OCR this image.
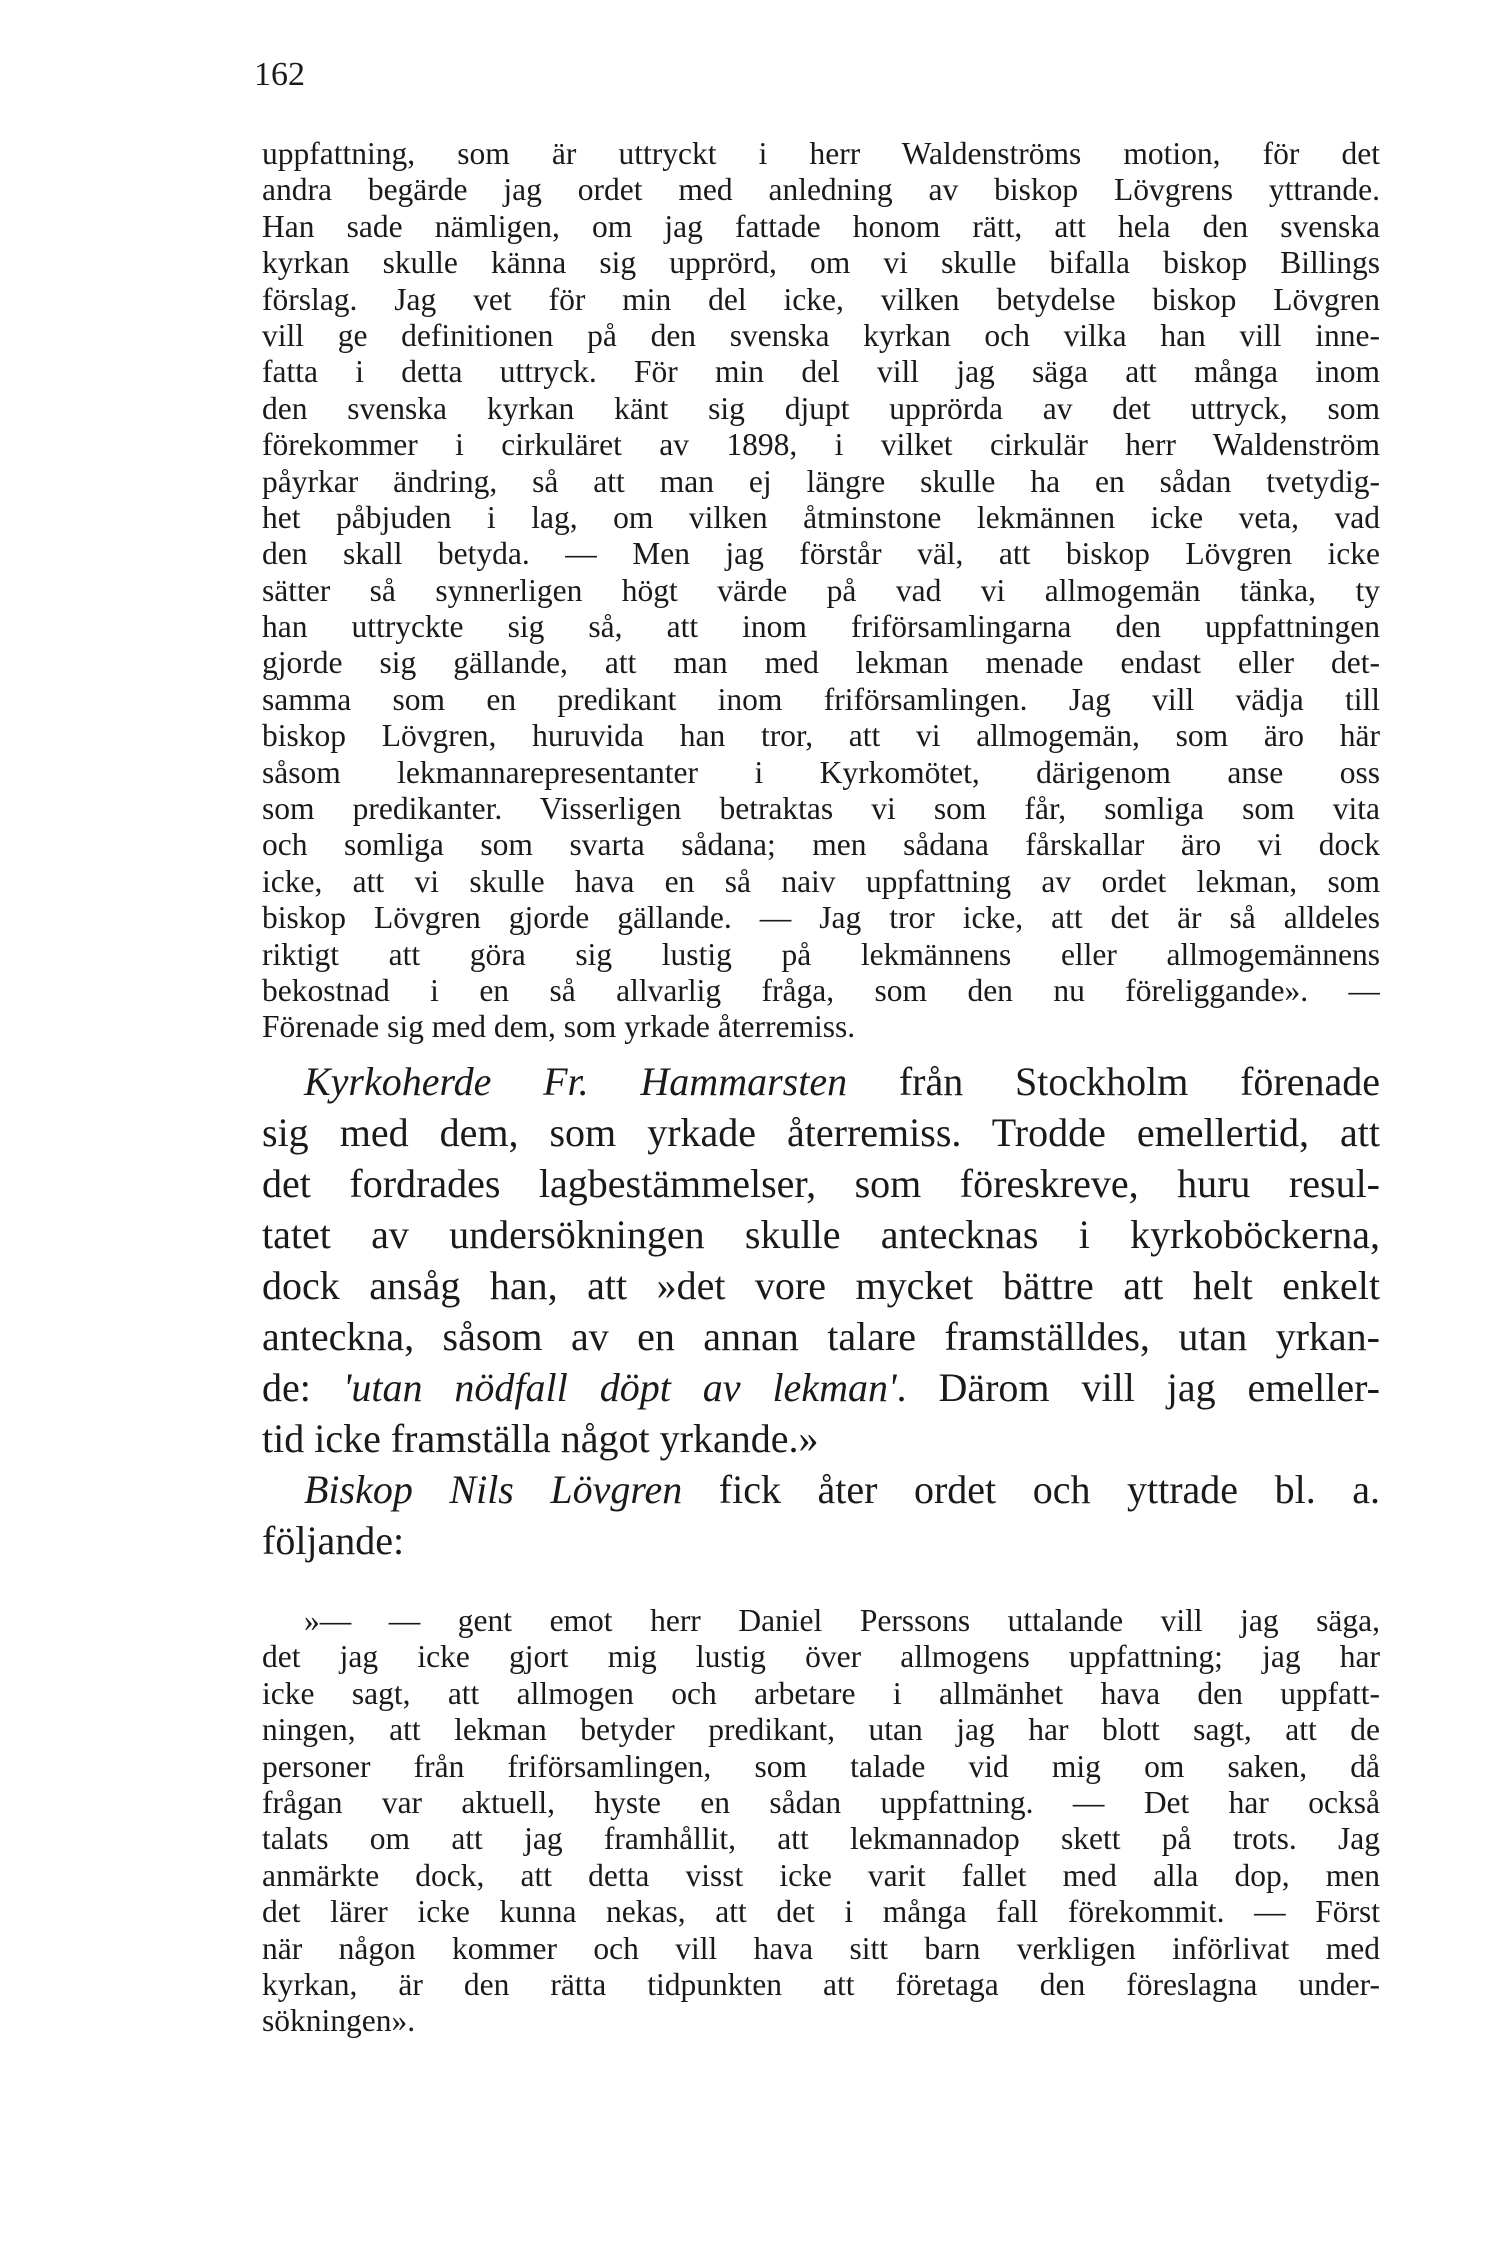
162
uppfattning, som är uttryckt i herr Waldenströms motion, för det
andra begärde jag ordet med anledning av biskop Lövgrens yttrande.
Han sade nämligen, om jag fattade honom rätt, att hela den svenska
kyrkan skulle känna sig upprörd, om vi skulle bifalla biskop Billings
förslag. Jag vet för min del icke, vilken betydelse biskop Lövgren
vill ge definitionen på den svenska kyrkan och vilka han vill inne-
fatta i detta uttryck. För min del vill jag säga att många inom
den svenska kyrkan känt sig djupt upprörda av det uttryck, som
förekommer i cirkuläret av 1898, i vilket cirkulär herr Waldenström
påyrkar ändring, så att man ej längre skulle ha en sådan tvetydig-
het påbjuden i lag, om vilken åtminstone lekmännen icke veta, vad
den skall betyda. — Men jag förstår väl, att biskop Lövgren icke
sätter så synnerligen högt värde på vad vi allmogemän tänka, ty
han uttryckte sig så, att inom friförsamlingarna den uppfattningen
gjorde sig gällande, att man med lekman menade endast eller det-
samma som en predikant inom friförsamlingen. Jag vill vädja till
biskop Lövgren, huruvida han tror, att vi allmogemän, som äro här
såsom lekmannarepresentanter i Kyrkomötet, därigenom anse oss
som predikanter. Visserligen betraktas vi som får, somliga som vita
och somliga som svarta sådana; men sådana fårskallar äro vi dock
icke, att vi skulle hava en så naiv uppfattning av ordet lekman, som
biskop Lövgren gjorde gällande. — Jag tror icke, att det är så alldeles
riktigt att göra sig lustig på lekmännens eller allmogemännens
bekostnad i en så allvarlig fråga, som den nu föreliggande». —
Förenade sig med dem, som yrkade återremiss.
Kyrkoherde Fr. Hammarsten från Stockholm förenade
sig med dem, som yrkade återremiss. Trodde emellertid, att
det fordrades lagbestämmelser, som föreskreve, huru resul-
tatet av undersökningen skulle antecknas i kyrkoböckerna,
dock ansåg han, att »det vore mycket bättre att helt enkelt
anteckna, såsom av en annan talare framställdes, utan yrkan-
de: 'utan nödfall döpt av lekman'. Därom vill jag emeller-
tid icke framställa något yrkande.»
Biskop Nils Lövgren fick åter ordet och yttrade bl. a.
följande:
»— — gent emot herr Daniel Perssons uttalande vill jag säga,
det jag icke gjort mig lustig över allmogens uppfattning; jag har
icke sagt, att allmogen och arbetare i allmänhet hava den uppfatt-
ningen, att lekman betyder predikant, utan jag har blott sagt, att de
personer från friförsamlingen, som talade vid mig om saken, då
frågan var aktuell, hyste en sådan uppfattning. — Det har också
talats om att jag framhållit, att lekmannadop skett på trots. Jag
anmärkte dock, att detta visst icke varit fallet med alla dop, men
det lärer icke kunna nekas, att det i många fall förekommit. — Först
när någon kommer och vill hava sitt barn verkligen införlivat med
kyrkan, är den rätta tidpunkten att företaga den föreslagna under-
sökningen».
